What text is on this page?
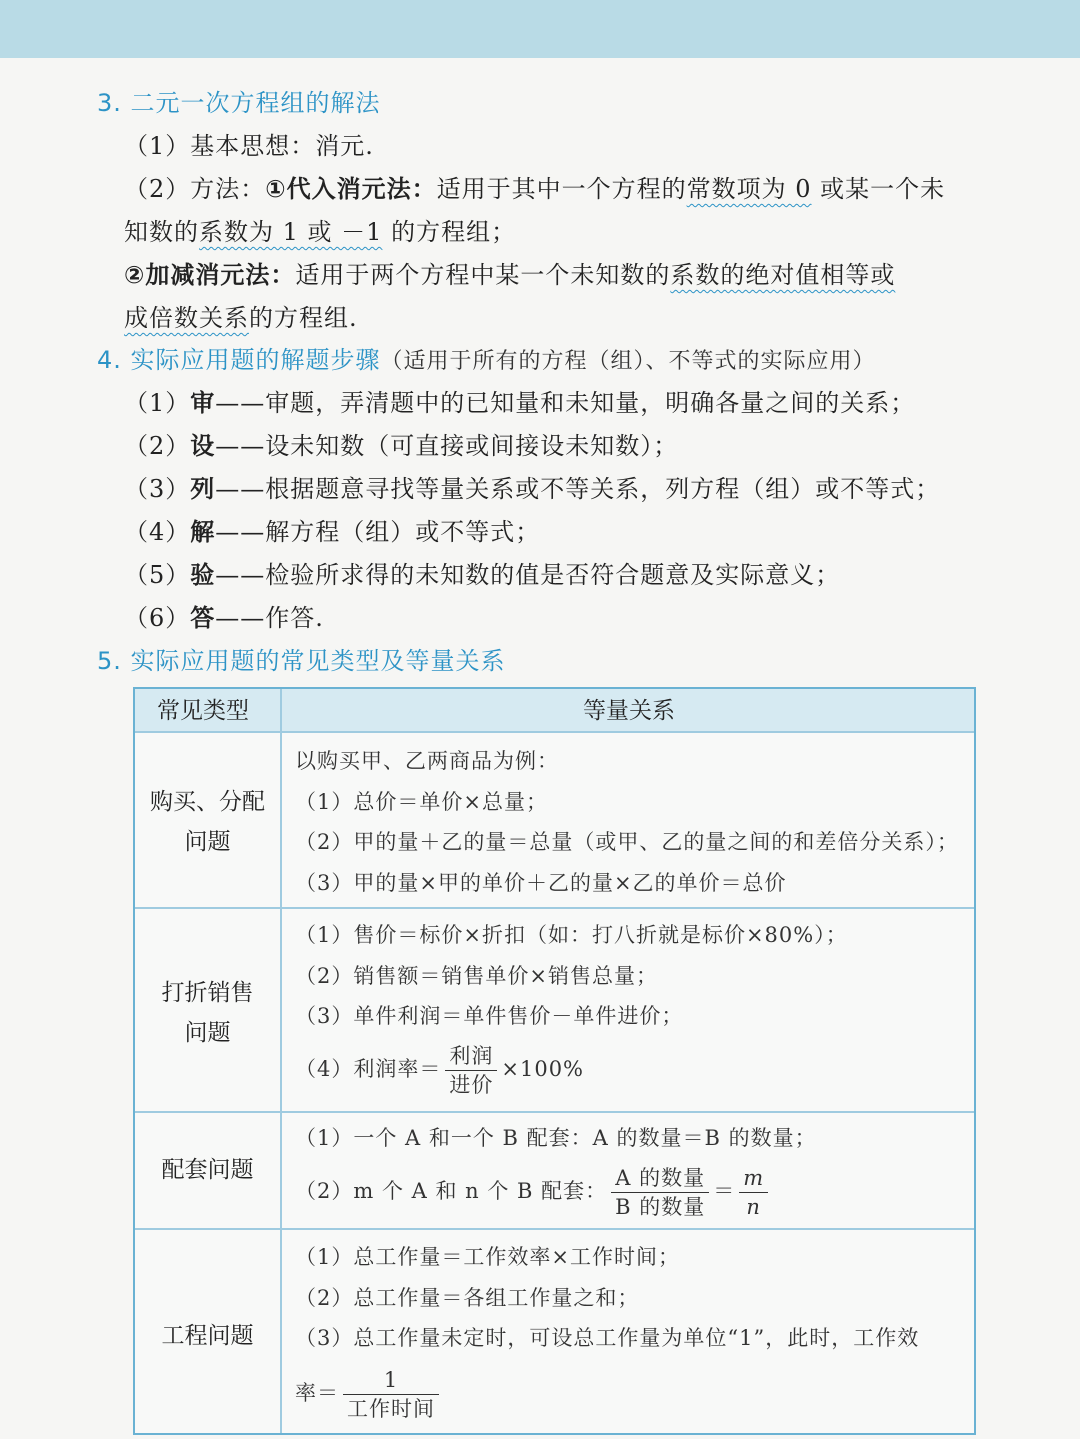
3. 二元一次方程组的解法
（1）基本思想：消元.
（2）方法：①代入消元法：适用于其中一个方程的常数项为 0 或某一个未
知数的系数为 1 或 －1 的方程组；
②加减消元法：适用于两个方程中某一个未知数的系数的绝对值相等或
成倍数关系的方程组.
4. 实际应用题的解题步骤（适用于所有的方程（组）、不等式的实际应用）
（1）审——审题，弄清题中的已知量和未知量，明确各量之间的关系；
（2）设——设未知数（可直接或间接设未知数）；
（3）列——根据题意寻找等量关系或不等关系，列方程（组）或不等式；
（4）解——解方程（组）或不等式；
（5）验——检验所求得的未知数的值是否符合题意及实际意义；
（6）答——作答.
5. 实际应用题的常见类型及等量关系
常见类型	等量关系
购买、分配
问题
以购买甲、乙两商品为例：
（1）总价＝单价×总量；
（2）甲的量＋乙的量＝总量（或甲、乙的量之间的和差倍分关系）；
（3）甲的量×甲的单价＋乙的量×乙的单价＝总价
打折销售
问题
（1）售价＝标价×折扣（如：打八折就是标价×80%）；
（2）销售额＝销售单价×销售总量；
（3）单件利润＝单件售价－单件进价；
（4）利润率＝ $\frac{\text{利润}}{\text{进价}} \times 100\%$
配套问题
（1）一个 A 和一个 B 配套：A 的数量＝B 的数量；
（2）m 个 A 和 n 个 B 配套： $\frac{\text{A 的数量}}{\text{B 的数量}} = \frac{m}{n}$
工程问题
（1）总工作量＝工作效率×工作时间；
（2）总工作量＝各组工作量之和；
（3）总工作量未定时，可设总工作量为单位“1”，此时，工作效
率＝ $\frac{1}{\text{工作时间}}$
